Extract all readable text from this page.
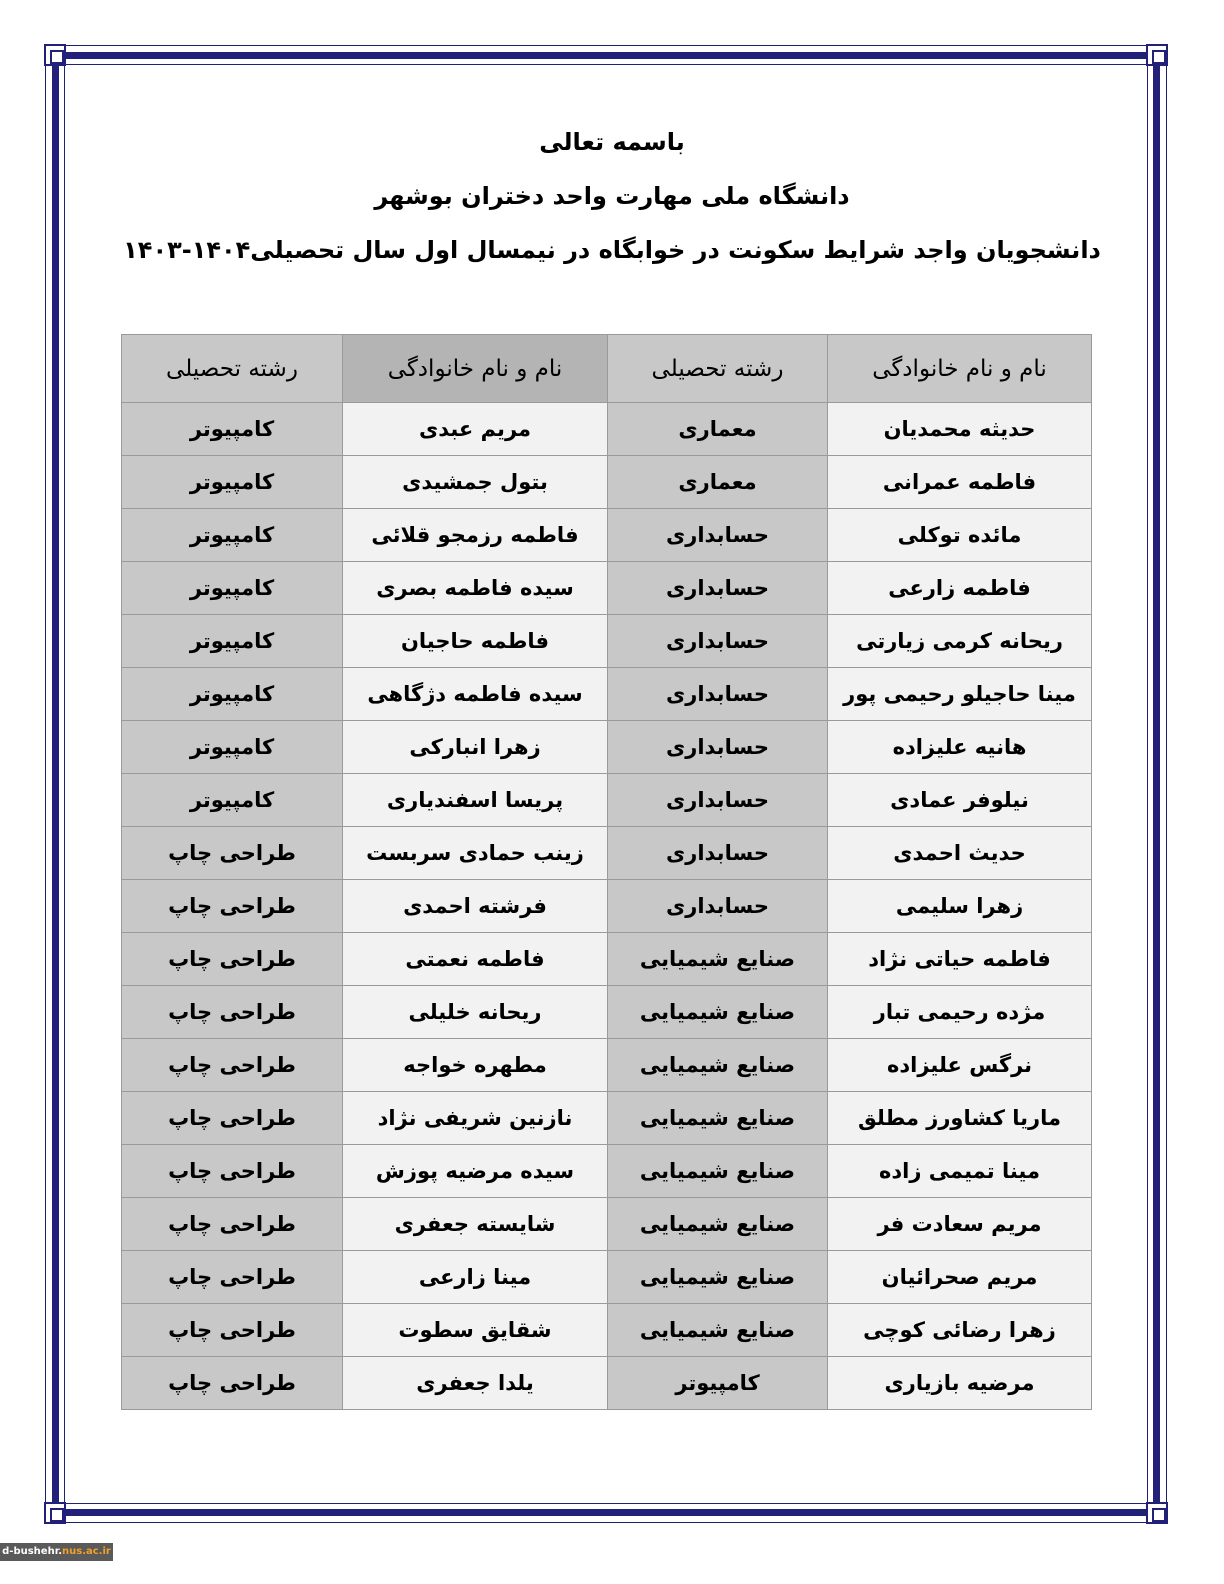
باسمه تعالی
دانشگاه ملی مهارت واحد دختران بوشهر
دانشجویان واجد شرایط سکونت در خوابگاه در نیمسال اول سال تحصیلی۱۴۰۴-۱۴۰۳
نام و نام خانوادگی	رشته تحصیلی	نام و نام خانوادگی	رشته تحصیلی
حدیثه محمدیان	معماری	مریم عبدی	کامپیوتر
فاطمه عمرانی	معماری	بتول جمشیدی	کامپیوتر
مائده توکلی	حسابداری	فاطمه رزمجو قلائی	کامپیوتر
فاطمه زارعی	حسابداری	سیده فاطمه بصری	کامپیوتر
ریحانه کرمی زیارتی	حسابداری	فاطمه حاجیان	کامپیوتر
مینا حاجیلو رحیمی پور	حسابداری	سیده فاطمه دژگاهی	کامپیوتر
هانیه علیزاده	حسابداری	زهرا انبارکی	کامپیوتر
نیلوفر عمادی	حسابداری	پریسا اسفندیاری	کامپیوتر
حدیث احمدی	حسابداری	زینب حمادی سربست	طراحی چاپ
زهرا سلیمی	حسابداری	فرشته احمدی	طراحی چاپ
فاطمه حیاتی نژاد	صنایع شیمیایی	فاطمه نعمتی	طراحی چاپ
مژده رحیمی تبار	صنایع شیمیایی	ریحانه خلیلی	طراحی چاپ
نرگس علیزاده	صنایع شیمیایی	مطهره خواجه	طراحی چاپ
ماریا کشاورز مطلق	صنایع شیمیایی	نازنین شریفی نژاد	طراحی چاپ
مینا تمیمی زاده	صنایع شیمیایی	سیده مرضیه پوزش	طراحی چاپ
مریم سعادت فر	صنایع شیمیایی	شایسته جعفری	طراحی چاپ
مریم صحرائیان	صنایع شیمیایی	مینا زارعی	طراحی چاپ
زهرا رضائی کوچی	صنایع شیمیایی	شقایق سطوت	طراحی چاپ
مرضیه بازیاری	کامپیوتر	یلدا جعفری	طراحی چاپ
d-bushehr.nus.ac.ir
